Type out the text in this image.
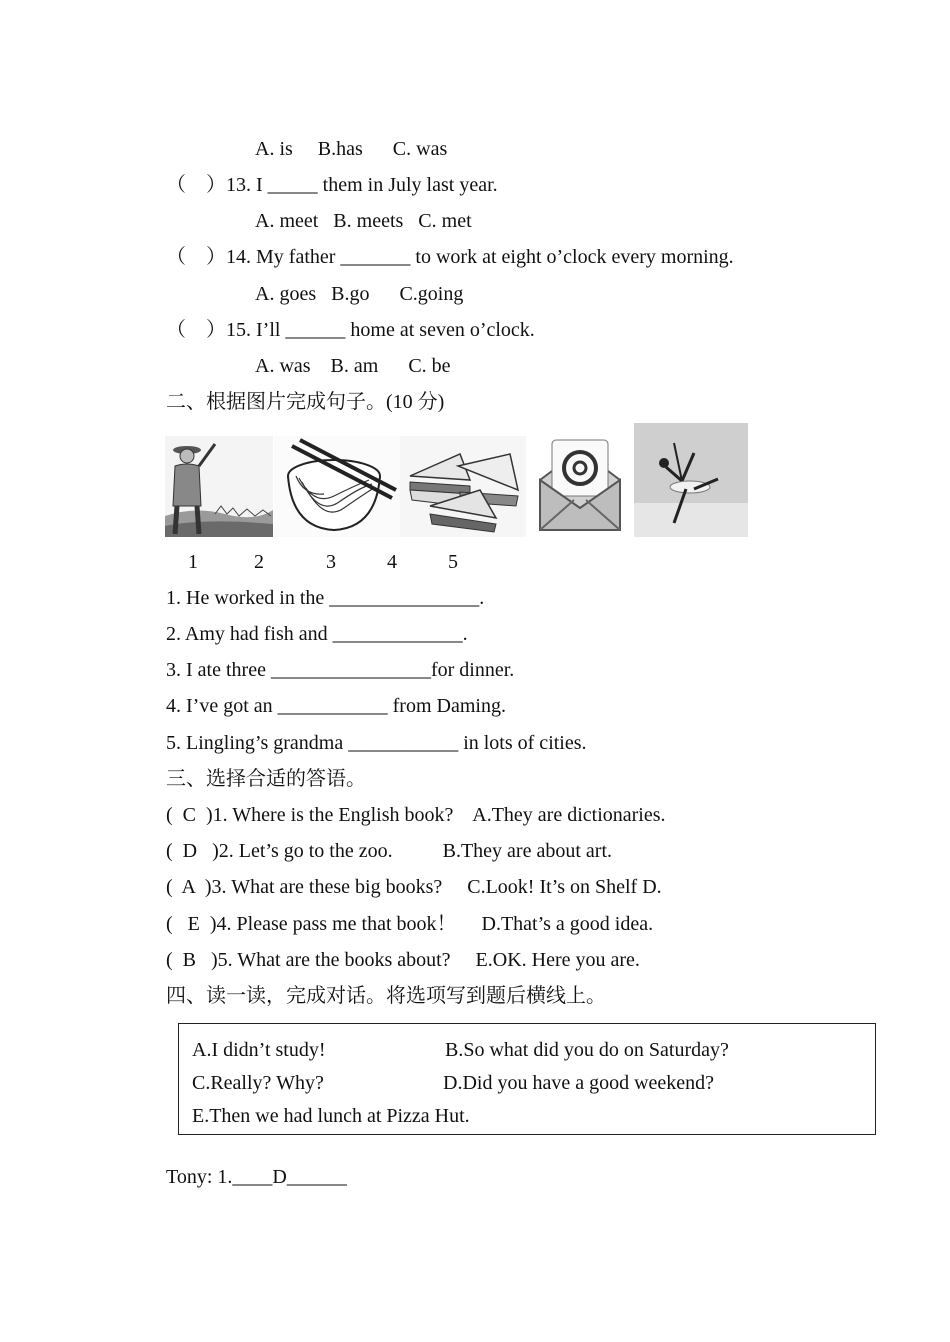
A. is     B.has      C. was
（    ）13. I _____ them in July last year.
A. meet   B. meets   C. met
（    ）14. My father _______ to work at eight o’clock every morning.
A. goes   B.go      C.going
（    ）15. I’ll ______ home at seven o’clock.
A. was    B. am      C. be
二、根据图片完成句子。(10 分)
1	2	3	4	5
1. He worked in the _______________.
2. Amy had fish and _____________.
3. I ate three ________________for dinner.
4. I’ve got an ___________ from Daming.
5. Lingling’s grandma ___________ in lots of cities.
三、选择合适的答语。
(  C  )1. Where is the English book?    A.They are dictionaries.
(  D   )2. Let’s go to the zoo.          B.They are about art.
(  A  )3. What are these big books?     C.Look! It’s on Shelf D.
(   E  )4. Please pass me that book！     D.That’s a good idea.
(  B   )5. What are the books about?     E.OK. Here you are.
四、读一读，完成对话。将选项写到题后横线上。
A.I didn’t study!	B.So what did you do on Saturday?
C.Really? Why?	D.Did you have a good weekend?
E.Then we had lunch at Pizza Hut.
Tony: 1.____D______
